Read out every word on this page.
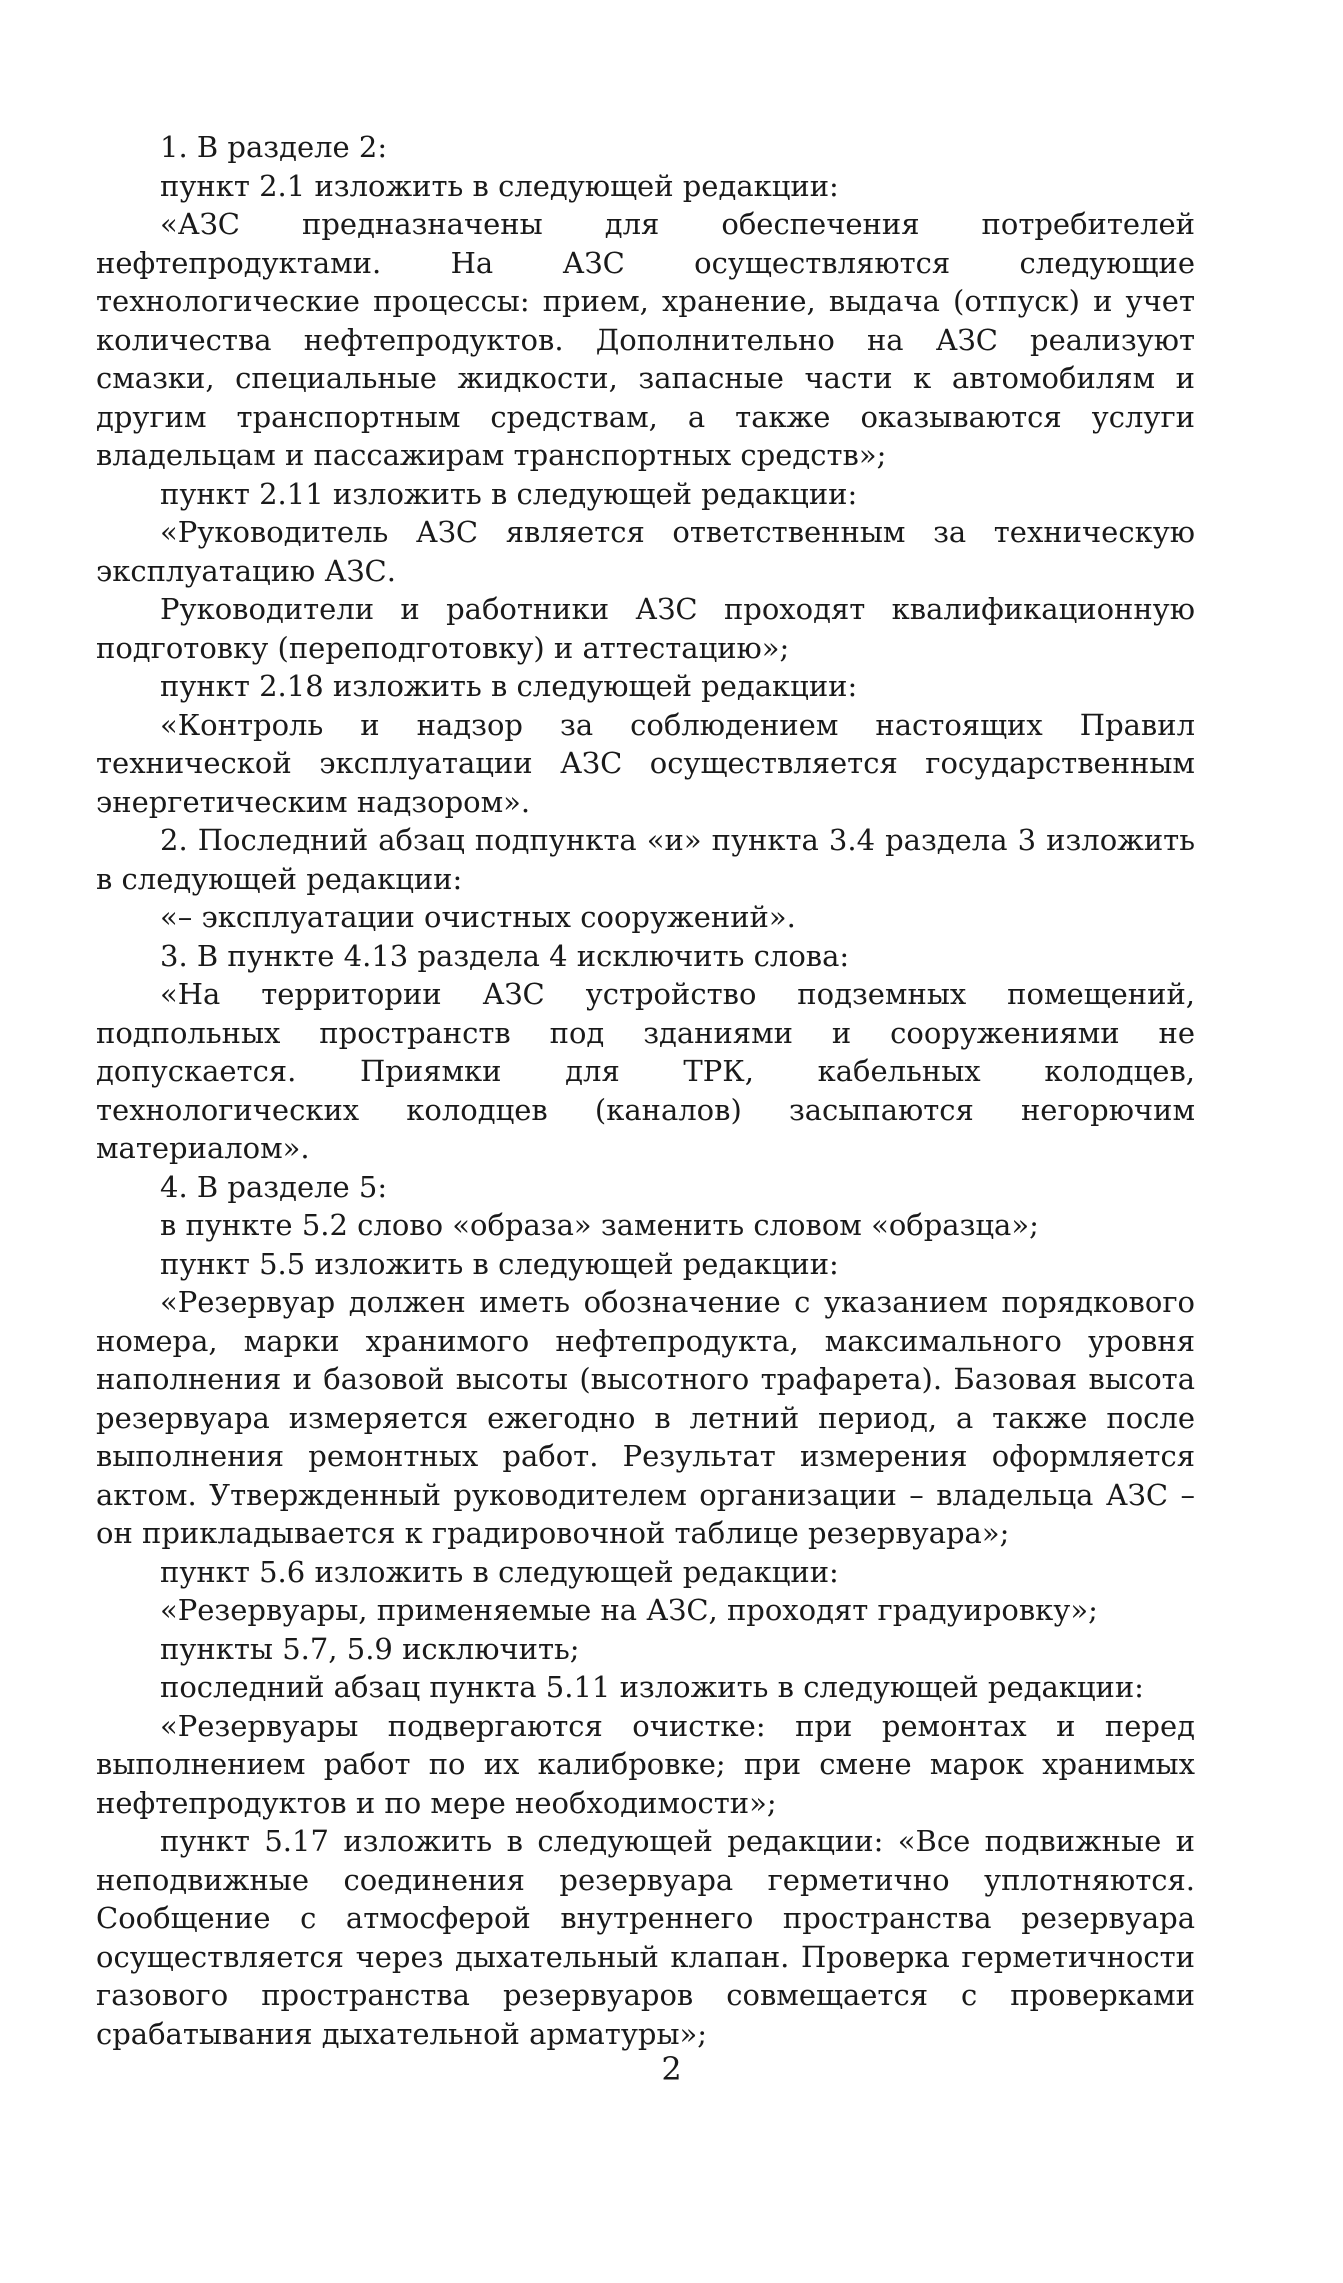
1. В разделе 2:

пункт 2.1 изложить в следующей редакции:

«АЗС предназначены для обеспечения потребителей нефтепродуктами. На АЗС осуществляются следующие технологические процессы: прием, хранение, выдача (отпуск) и учет количества нефтепродуктов. Дополнительно на АЗС реализуют смазки, специальные жидкости, запасные части к автомобилям и другим транспортным средствам, а также оказываются услуги владельцам и пассажирам транспортных средств»;

пункт 2.11 изложить в следующей редакции:

«Руководитель АЗС является ответственным за техническую эксплуатацию АЗС.

Руководители и работники АЗС проходят квалификационную подготовку (переподготовку) и аттестацию»;

пункт 2.18 изложить в следующей редакции:

«Контроль и надзор за соблюдением настоящих Правил технической эксплуатации АЗС осуществляется государственным энергетическим надзором».

2. Последний абзац подпункта «и» пункта 3.4 раздела 3 изложить в следующей редакции:

«– эксплуатации очистных сооружений».

3. В пункте 4.13 раздела 4 исключить слова:

«На территории АЗС устройство подземных помещений, подпольных пространств под зданиями и сооружениями не допускается. Приямки для ТРК, кабельных колодцев, технологических колодцев (каналов) засыпаются негорючим материалом».

4. В разделе 5:

в пункте 5.2 слово «образа» заменить словом «образца»;

пункт 5.5 изложить в следующей редакции:

«Резервуар должен иметь обозначение с указанием порядкового номера, марки хранимого нефтепродукта, максимального уровня наполнения и базовой высоты (высотного трафарета). Базовая высота резервуара измеряется ежегодно в летний период, а также после выполнения ремонтных работ. Результат измерения оформляется актом. Утвержденный руководителем организации – владельца АЗС – он прикладывается к градировочной таблице резервуара»;

пункт 5.6 изложить в следующей редакции:

«Резервуары, применяемые на АЗС, проходят градуировку»;

пункты 5.7, 5.9 исключить;

последний абзац пункта 5.11 изложить в следующей редакции:

«Резервуары подвергаются очистке: при ремонтах и перед выполнением работ по их калибровке; при смене марок хранимых нефтепродуктов и по мере необходимости»;

пункт 5.17 изложить в следующей редакции: «Все подвижные и неподвижные соединения резервуара герметично уплотняются. Сообщение с атмосферой внутреннего пространства резервуара осуществляется через дыхательный клапан. Проверка герметичности газового пространства резервуаров совмещается с проверками срабатывания дыхательной арматуры»;

2
